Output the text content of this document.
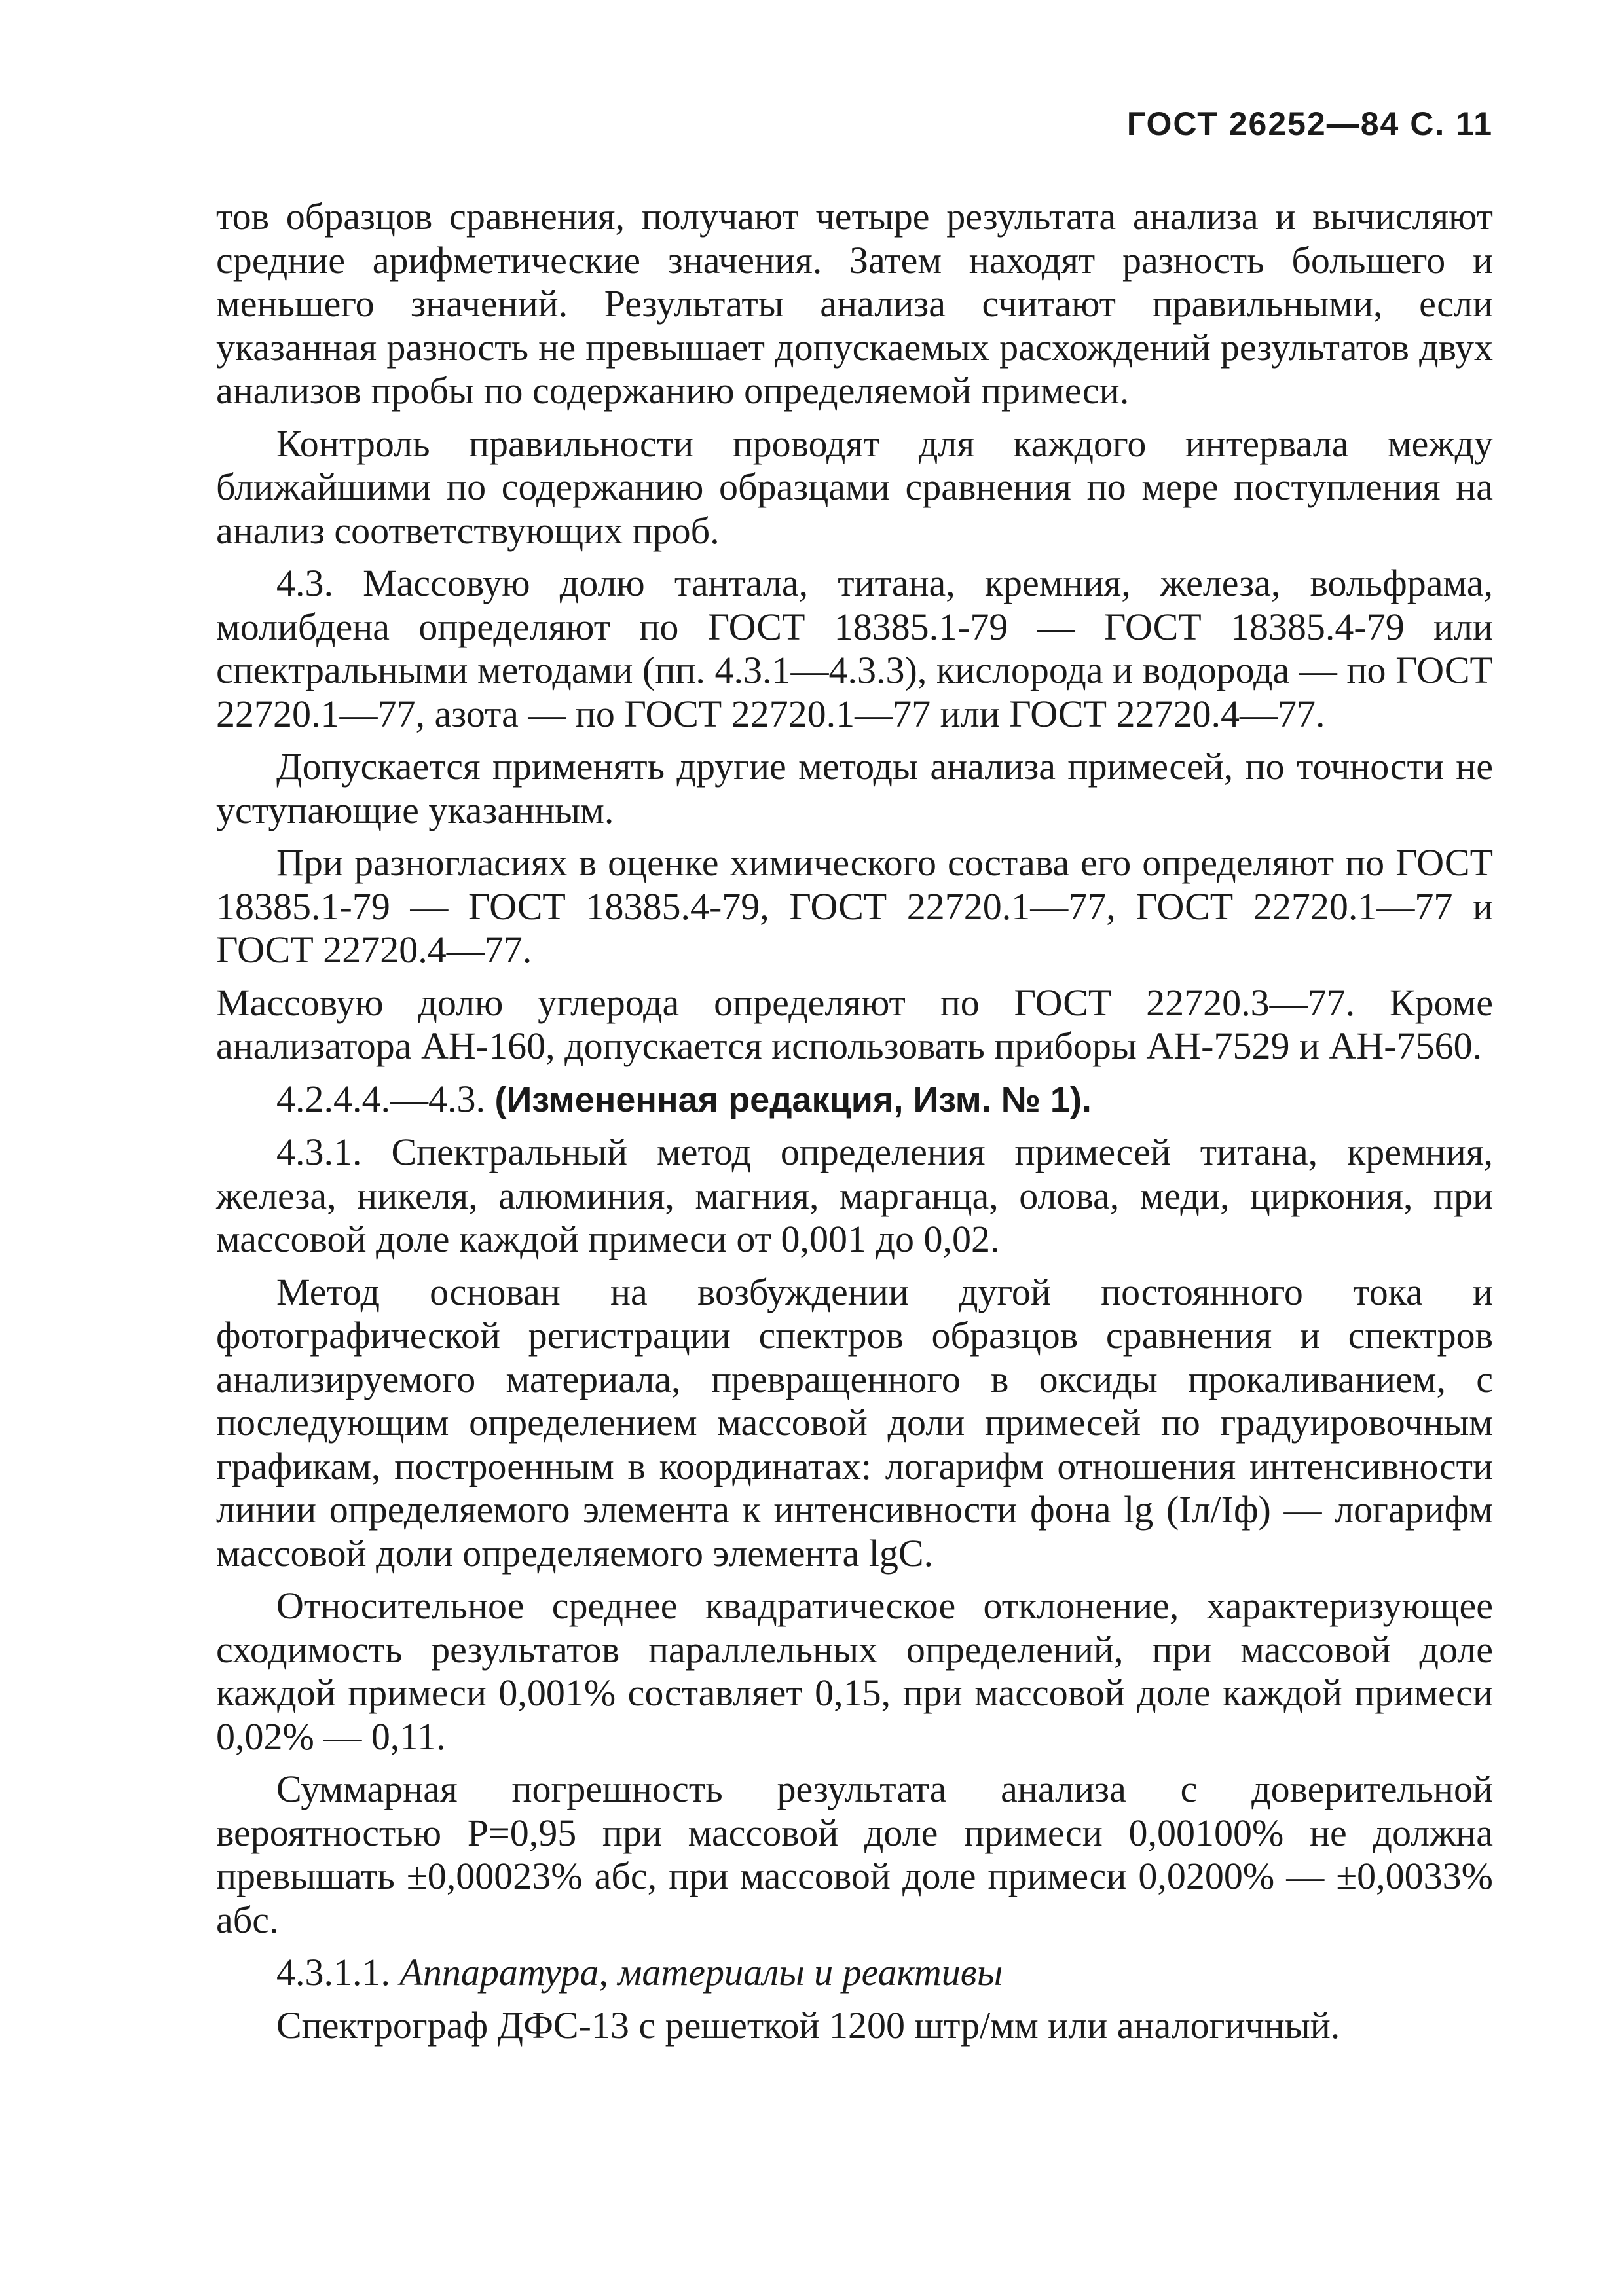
ГОСТ 26252—84 С. 11

тов образцов сравнения, получают четыре результата анализа и вычисляют средние арифметические значения. Затем находят разность большего и меньшего значений. Результаты анализа считают правильными, если указанная разность не превышает допускаемых расхождений результатов двух анализов пробы по содержанию определяемой примеси.

Контроль правильности проводят для каждого интервала между ближайшими по содержанию образцами сравнения по мере поступления на анализ соответствующих проб.

4.3. Массовую долю тантала, титана, кремния, железа, вольфрама, молибдена определяют по ГОСТ 18385.1-79 — ГОСТ 18385.4-79 или спектральными методами (пп. 4.3.1—4.3.3), кислорода и водорода — по ГОСТ 22720.1—77, азота — по ГОСТ 22720.1—77 или ГОСТ 22720.4—77.

Допускается применять другие методы анализа примесей, по точности не уступающие указанным.

При разногласиях в оценке химического состава его определяют по ГОСТ 18385.1-79 — ГОСТ 18385.4-79, ГОСТ 22720.1—77, ГОСТ 22720.1—77 и ГОСТ 22720.4—77.

Массовую долю углерода определяют по ГОСТ 22720.3—77. Кроме анализатора АН-160, допускается использовать приборы АН-7529 и АН-7560.

4.2.4.4.—4.3. (Измененная редакция, Изм. № 1).

4.3.1. Спектральный метод определения примесей титана, кремния, железа, никеля, алюминия, магния, марганца, олова, меди, циркония, при массовой доле каждой примеси от 0,001 до 0,02.

Метод основан на возбуждении дугой постоянного тока и фотографической регистрации спектров образцов сравнения и спектров анализируемого материала, превращенного в оксиды прокаливанием, с последующим определением массовой доли примесей по градуировочным графикам, построенным в координатах: логарифм отношения интенсивности линии определяемого элемента к интенсивности фона lg (Iл/Iф) — логарифм массовой доли определяемого элемента lgC.

Относительное среднее квадратическое отклонение, характеризующее сходимость результатов параллельных определений, при массовой доле каждой примеси 0,001% составляет 0,15, при массовой доле каждой примеси 0,02% — 0,11.

Суммарная погрешность результата анализа с доверительной вероятностью P=0,95 при массовой доле примеси 0,00100% не должна превышать ±0,00023% абс, при массовой доле примеси 0,0200% — ±0,0033% абс.

4.3.1.1. Аппаратура, материалы и реактивы

Спектрограф ДФС-13 с решеткой 1200 штр/мм или аналогичный.
